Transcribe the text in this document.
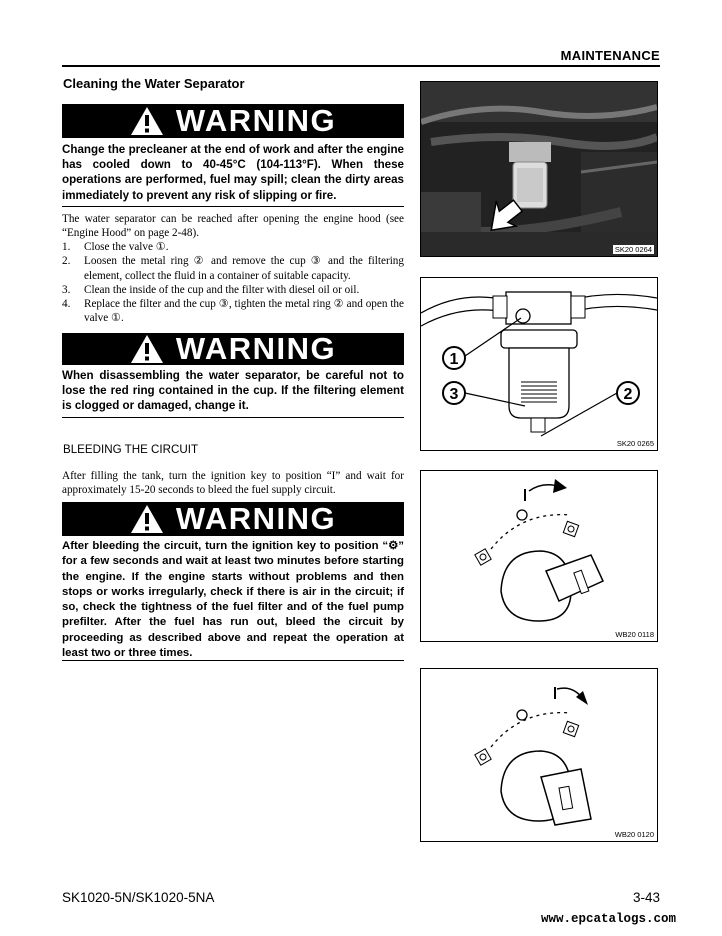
MAINTENANCE
Cleaning the Water Separator
WARNING
Change the precleaner at the end of work and after the engine has cooled down to 40-45°C (104-113°F). When these operations are performed, fuel may spill; clean the dirty areas immediately to prevent any risk of slipping or fire.
The water separator can be reached after opening the engine hood (see “Engine Hood” on page 2-48).
1. Close the valve ①.
2. Loosen the metal ring ② and remove the cup ③ and the filtering element, collect the fluid in a container of suitable capacity.
3. Clean the inside of the cup and the filter with diesel oil or oil.
4. Replace the filter and the cup ③, tighten the metal ring ② and open the valve ①.
WARNING
When disassembling the water separator, be careful not to lose the red ring contained in the cup. If the filtering element is clogged or damaged, change it.
BLEEDING THE CIRCUIT
After filling the tank, turn the ignition key to position “I” and wait for approximately 15-20 seconds to bleed the fuel supply circuit.
WARNING
After bleeding the circuit, turn the ignition key to position “⚙” for a few seconds and wait at least two minutes before starting the engine. If the engine starts without problems and then stops or works irregularly, check if there is air in the circuit; if so, check the tightness of the fuel filter and of the fuel pump prefilter. After the fuel has run out, bleed the circuit by proceeding as described above and repeat the operation at least two or three times.
SK20 0264
1
3	2
SK20 0265
WB20 0118
WB20 0120
SK1020-5N/SK1020-5NA	3-43
www.epcatalogs.com
